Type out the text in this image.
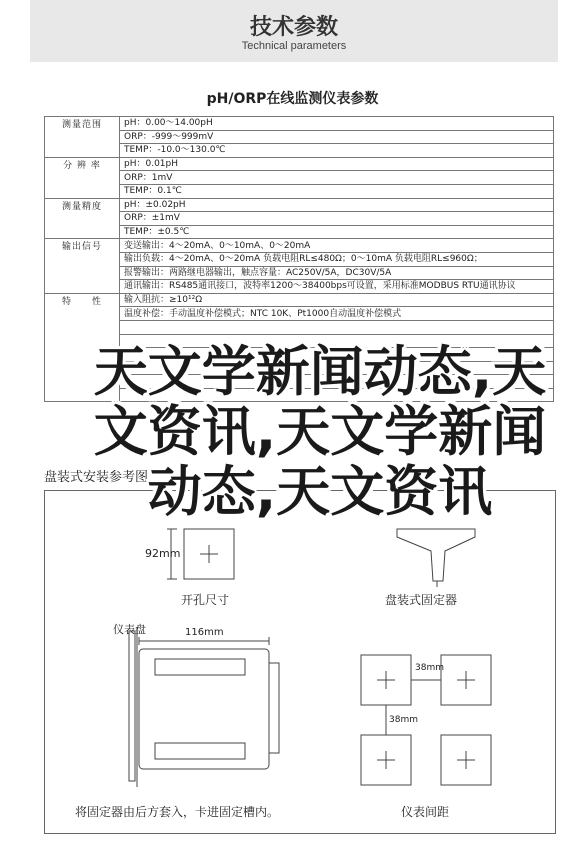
技术参数
Technical parameters
pH/ORP在线监测仪表参数
测量范围	pH：0.00～14.00pH
	ORP：-999～999mV
	TEMP：-10.0～130.0℃
分 辨 率	pH：0.01pH
	ORP：1mV
	TEMP：0.1℃
测量精度	pH：±0.02pH
	ORP：±1mV
	TEMP：±0.5℃
输出信号	变送输出：4～20mA、0～10mA、0～20mA
	输出负载：4～20mA、0～20mA 负载电阻RL≤480Ω；0～10mA 负载电阻RL≤960Ω；
	报警输出：两路继电器输出，触点容量：AC250V/5A，DC30V/5A
	通讯输出：RS485通讯接口，波特率1200～38400bps可设置，采用标准MODBUS RTU通讯协议
特　　性	输入阻抗：≥10¹²Ω
	温度补偿：手动温度补偿模式；NTC 10K、Pt1000自动温度补偿模式

盘装式安装参考图：
92mm
开孔尺寸	盘装式固定器
仪表盘	116mm
38mm
38mm
将固定器由后方套入，卡进固定槽内。	仪表间距
天文学新闻动态,天文资讯,天文学新闻动态,天文资讯
